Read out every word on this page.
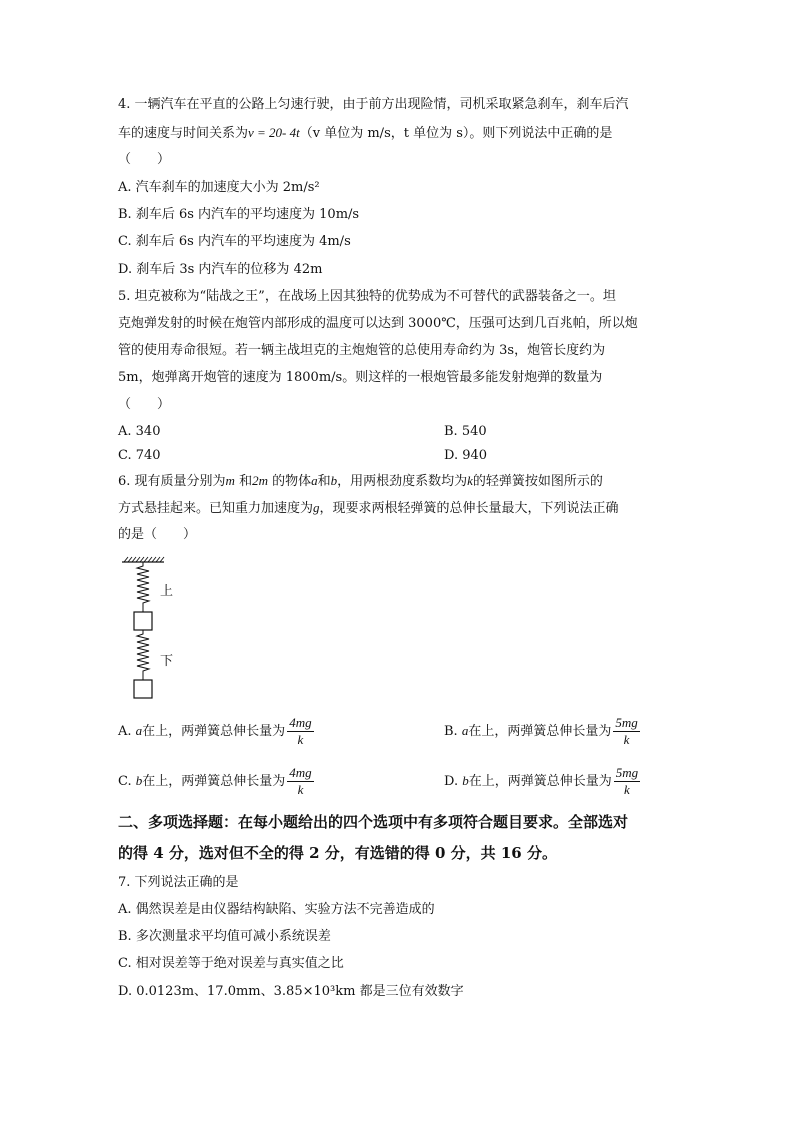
4. 一辆汽车在平直的公路上匀速行驶，由于前方出现险情，司机采取紧急刹车，刹车后汽
车的速度与时间关系为v = 20- 4t（v 单位为 m/s，t 单位为 s）。则下列说法中正确的是
（　　）
A. 汽车刹车的加速度大小为 2m/s²
B. 刹车后 6s 内汽车的平均速度为 10m/s
C. 刹车后 6s 内汽车的平均速度为 4m/s
D. 刹车后 3s 内汽车的位移为 42m
5. 坦克被称为“陆战之王”，在战场上因其独特的优势成为不可替代的武器装备之一。坦
克炮弹发射的时候在炮管内部形成的温度可以达到 3000℃，压强可达到几百兆帕，所以炮
管的使用寿命很短。若一辆主战坦克的主炮炮管的总使用寿命约为 3s，炮管长度约为
5m，炮弹离开炮管的速度为 1800m/s。则这样的一根炮管最多能发射炮弹的数量为
（　　）
A. 340	B. 540
C. 740	D. 940
6. 现有质量分别为m 和2m 的物体a和b，用两根劲度系数均为k的轻弹簧按如图所示的
方式悬挂起来。已知重力加速度为g，现要求两根轻弹簧的总伸长量最大，下列说法正确
的是（　　）
上
下
A. a在上，两弹簧总伸长量为 $\frac{4mg}{k}$	B. a在上，两弹簧总伸长量为 $\frac{5mg}{k}$
C. b在上，两弹簧总伸长量为 $\frac{4mg}{k}$	D. b在上，两弹簧总伸长量为 $\frac{5mg}{k}$
二、多项选择题：在每小题给出的四个选项中有多项符合题目要求。全部选对
的得 4 分，选对但不全的得 2 分，有选错的得 0 分，共 16 分。
7. 下列说法正确的是
A. 偶然误差是由仪器结构缺陷、实验方法不完善造成的
B. 多次测量求平均值可减小系统误差
C. 相对误差等于绝对误差与真实值之比
D. 0.0123m、17.0mm、3.85×10³km 都是三位有效数字
